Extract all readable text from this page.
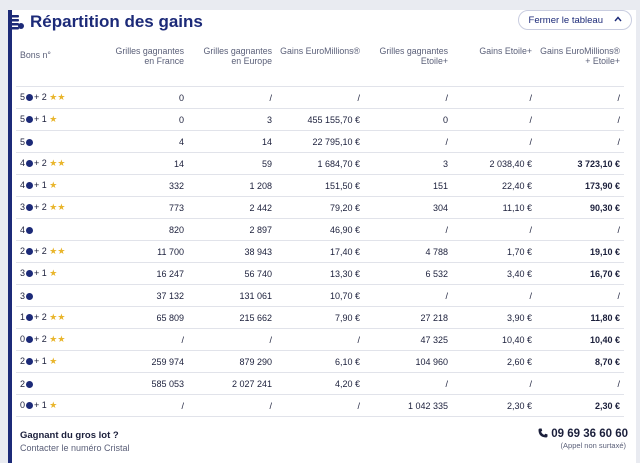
Répartition des gains	Fermer le tableau
Bons n°	Grilles gagnantes en France	Grilles gagnantes en Europe	Gains EuroMillions®	Grilles gagnantes Etoile+	Gains Etoile+	Gains EuroMillions® + Etoile+
5 + 2 ★★	0	/	/	/	/	/
5 + 1 ★	0	3	455 155,70 €	0	/	/
5	4	14	22 795,10 €	/	/	/
4 + 2 ★★	14	59	1 684,70 €	3	2 038,40 €	3 723,10 €
4 + 1 ★	332	1 208	151,50 €	151	22,40 €	173,90 €
3 + 2 ★★	773	2 442	79,20 €	304	11,10 €	90,30 €
4	820	2 897	46,90 €	/	/	/
2 + 2 ★★	11 700	38 943	17,40 €	4 788	1,70 €	19,10 €
3 + 1 ★	16 247	56 740	13,30 €	6 532	3,40 €	16,70 €
3	37 132	131 061	10,70 €	/	/	/
1 + 2 ★★	65 809	215 662	7,90 €	27 218	3,90 €	11,80 €
0 + 2 ★★	/	/	/	47 325	10,40 €	10,40 €
2 + 1 ★	259 974	879 290	6,10 €	104 960	2,60 €	8,70 €
2	585 053	2 027 241	4,20 €	/	/	/
0 + 1 ★	/	/	/	1 042 335	2,30 €	2,30 €
Gagnant du gros lot ?
Contacter le numéro Cristal
09 69 36 60 60
(Appel non surtaxé)
